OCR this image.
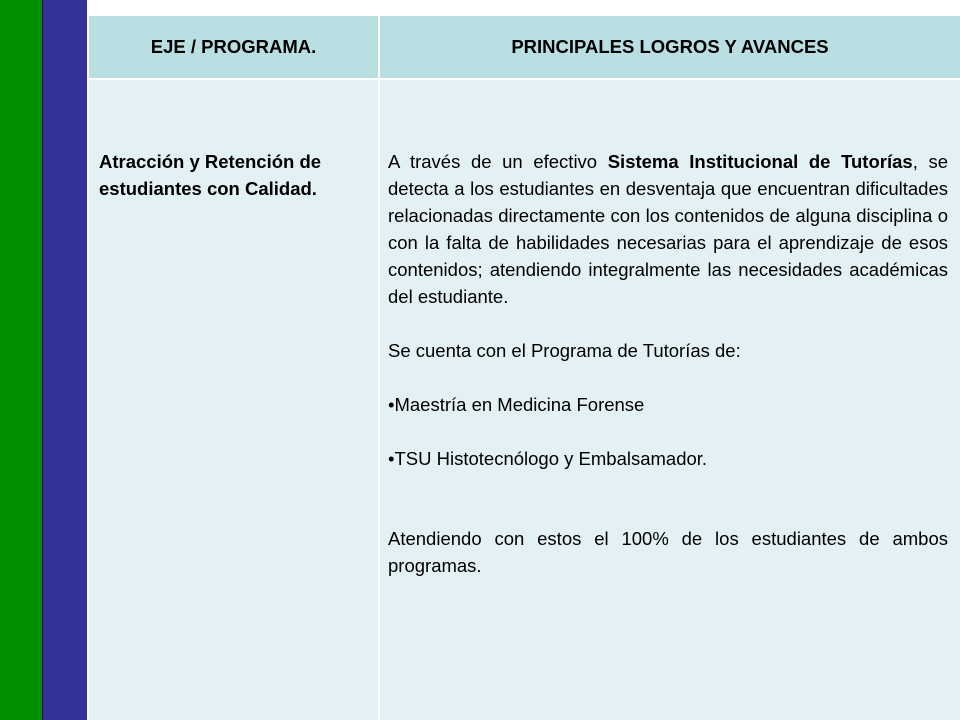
EJE / PROGRAMA.	PRINCIPALES LOGROS Y AVANCES
Atracción y Retención de estudiantes con Calidad.

A través de un efectivo Sistema Institucional de Tutorías, se detecta a los estudiantes en desventaja que encuentran dificultades relacionadas directamente con los contenidos de alguna disciplina o con la falta de habilidades necesarias para el aprendizaje de esos contenidos; atendiendo integralmente las necesidades académicas del estudiante.

Se cuenta con el Programa de Tutorías de:

•Maestría en Medicina Forense

•TSU Histotecnólogo y Embalsamador.

Atendiendo con estos el 100% de los estudiantes de ambos programas.
